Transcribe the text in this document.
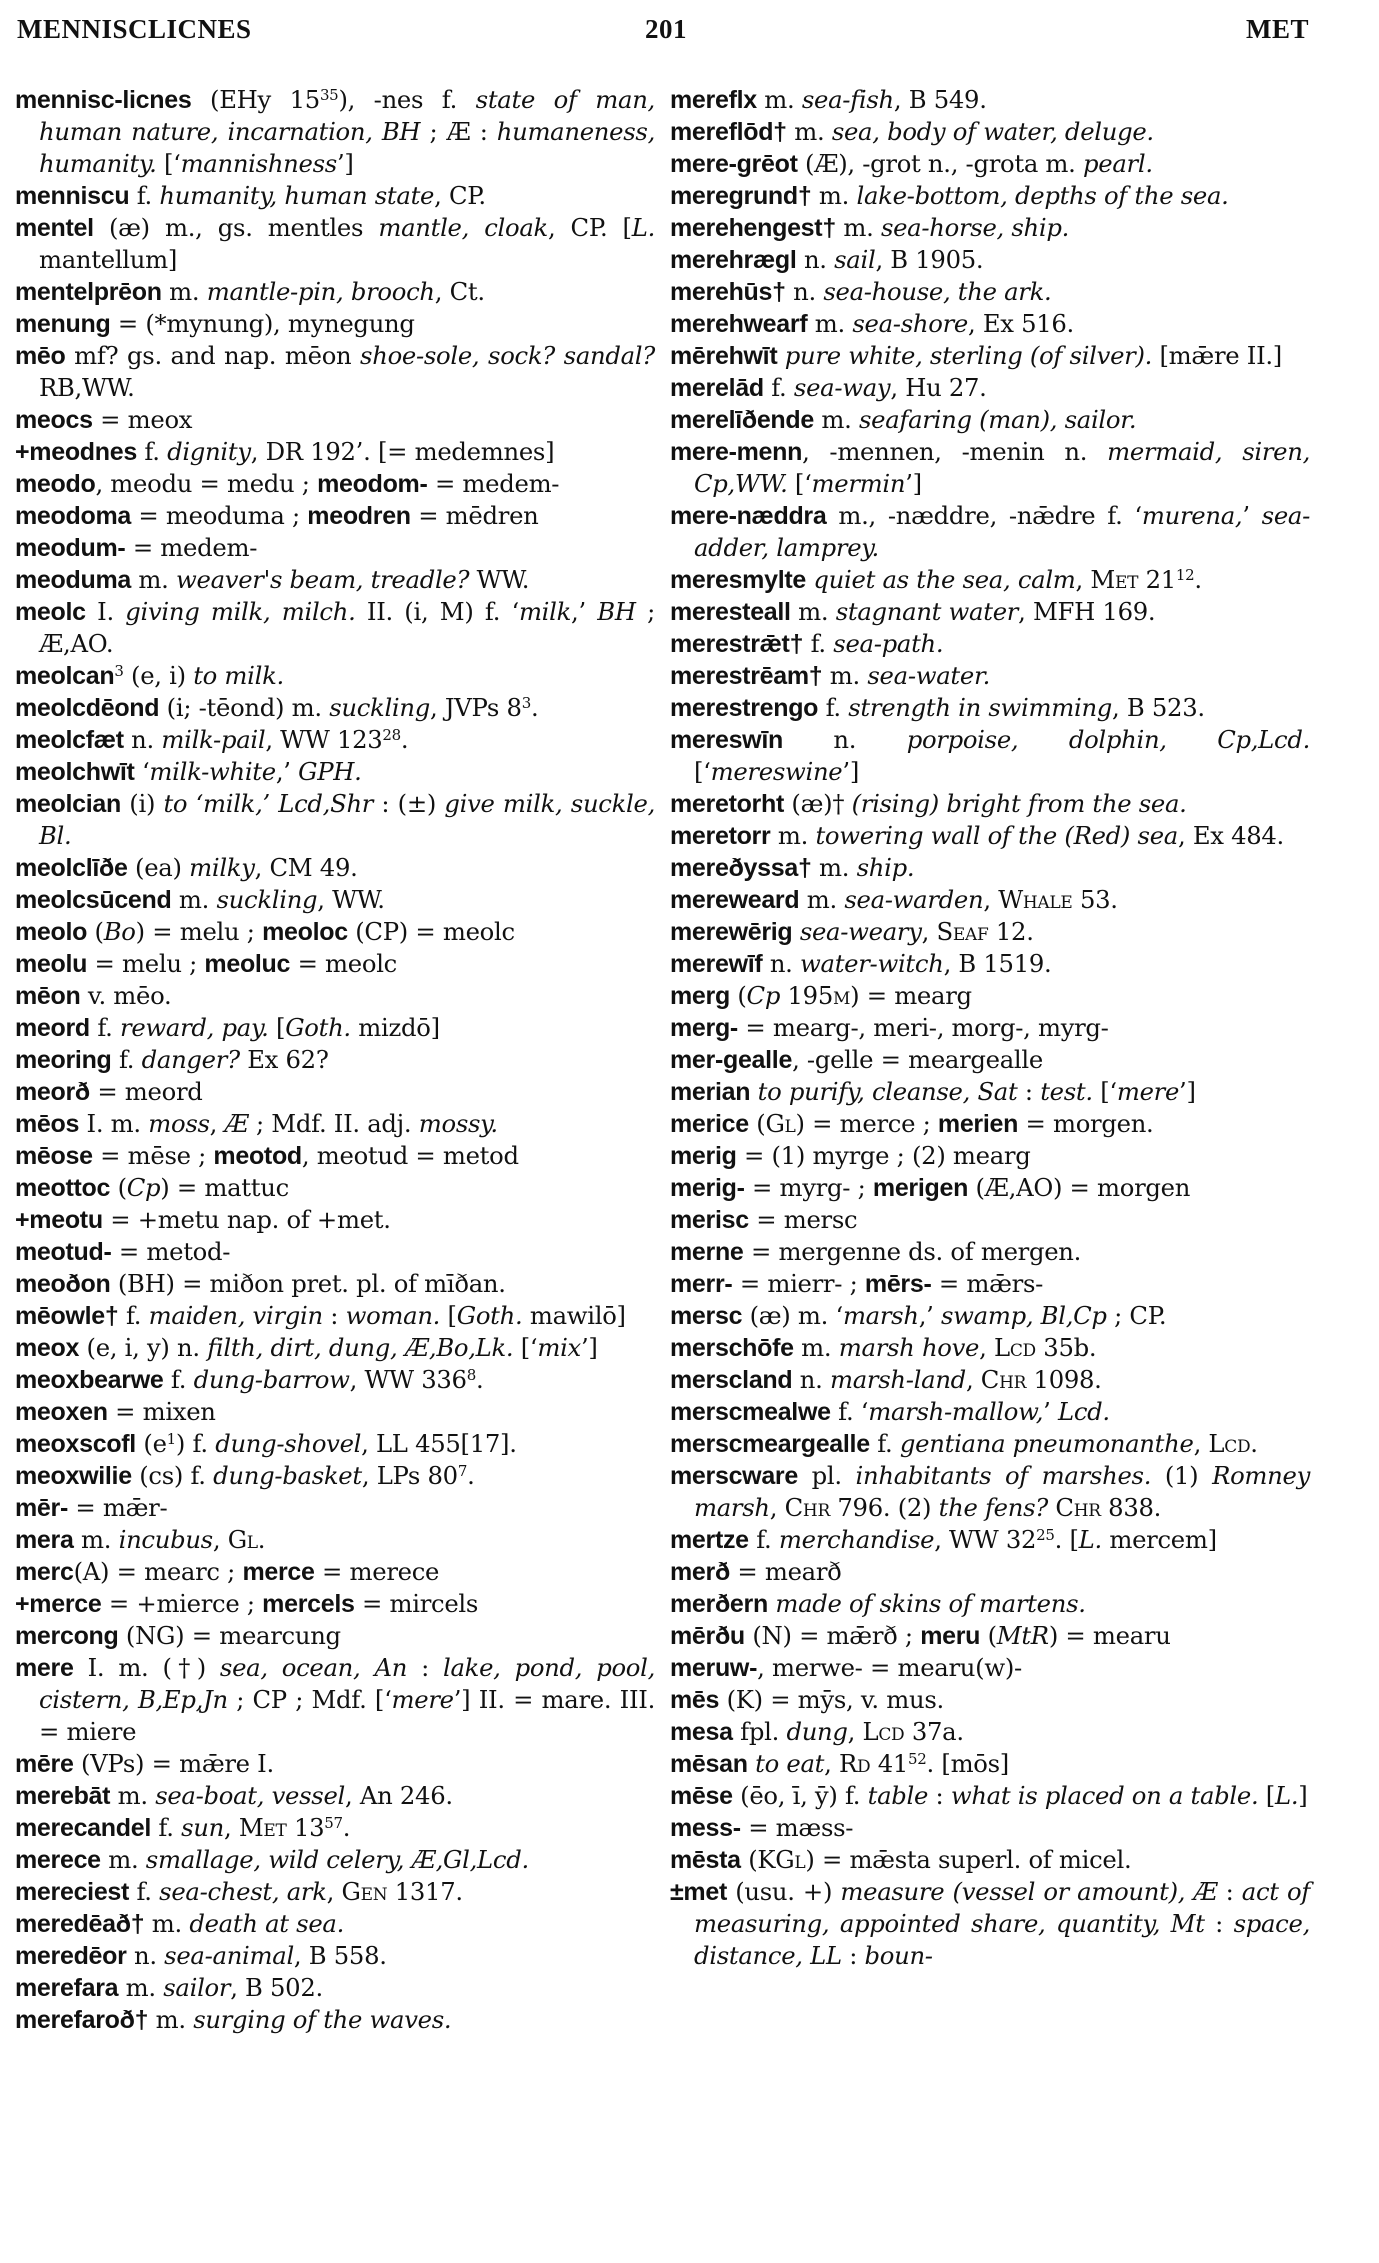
MENNISCLICNES	201	MET
mennisc-licnes (EHy $15^{35}$), -nes f. state of man, human nature, incarnation, BH ; Æ : humaneness, humanity. [‘mannishness’]
menniscu f. humanity, human state, CP.
mentel (æ) m., gs. mentles mantle, cloak, CP. [L. mantellum]
mentelprēon m. mantle-pin, brooch, Ct.
menung = (*mynung), mynegung
mēo mf? gs. and nap. mēon shoe-sole, sock? sandal? RB,WW.
meocs = meox
+meodnes f. dignity, DR 192’. [= medemnes]
meodo, meodu = medu ; meodom- = medem-
meodoma = meoduma ; meodren = mēdren
meodum- = medem-
meoduma m. weaver's beam, treadle? WW.
meolc I. giving milk, milch. II. (i, M) f. ‘milk,’ BH ; Æ,AO.
meolcan$^3$ (e, i) to milk.
meolcdēond (i; -tēond) m. suckling, JVPs $8^3$.
meolcfæt n. milk-pail, WW $123^{28}$.
meolchwīt ‘milk-white,’ GPH.
meolcian (i) to ‘milk,’ Lcd,Shr : (±) give milk, suckle, Bl.
meolclīðe (ea) milky, CM 49.
meolcsūcend m. suckling, WW.
meolo (Bo) = melu ; meoloc (CP) = meolc
meolu = melu ; meoluc = meolc
mēon v. mēo.
meord f. reward, pay. [Goth. mizdō]
meoring f. danger? Ex 62?
meorð = meord
mēos I. m. moss, Æ ; Mdf. II. adj. mossy.
mēose = mēse ; meotod, meotud = metod
meottoc (Cp) = mattuc
+meotu = +metu nap. of +met.
meotud- = metod-
meoðon (BH) = miðon pret. pl. of mīðan.
mēowle† f. maiden, virgin : woman. [Goth. mawilō]
meox (e, i, y) n. filth, dirt, dung, Æ,Bo,Lk. [‘mix’]
meoxbearwe f. dung-barrow, WW $336^8$.
meoxen = mixen
meoxscofl $(e^1)$ f. dung-shovel, LL 455[17].
meoxwilie (cs) f. dung-basket, LPs $80^7$.
mēr- = mǣr-
mera m. incubus, Gl.
merc(A) = mearc ; merce = merece
+merce = +mierce ; mercels = mircels
mercong (NG) = mearcung
mere I. m. (†) sea, ocean, An : lake, pond, pool, cistern, B,Ep,Jn ; CP ; Mdf. [‘mere’] II. = mare. III. = miere
mēre (VPs) = mǣre I.
merebāt m. sea-boat, vessel, An 246.
merecandel f. sun, Met $13^{57}$.
merece m. smallage, wild celery, Æ,Gl,Lcd.
mereciest f. sea-chest, ark, Gen 1317.
meredēað† m. death at sea.
meredēor n. sea-animal, B 558.
merefara m. sailor, B 502.
merefaroð† m. surging of the waves.
mereflx m. sea-fish, B 549.
mereflōd† m. sea, body of water, deluge.
mere-grēot (Æ), -grot n., -grota m. pearl.
meregrund† m. lake-bottom, depths of the sea.
merehengest† m. sea-horse, ship.
merehrægl n. sail, B 1905.
merehūs† n. sea-house, the ark.
merehwearf m. sea-shore, Ex 516.
mērehwīt pure white, sterling (of silver). [mǣre II.]
merelād f. sea-way, Hu 27.
merelīðende m. seafaring (man), sailor.
mere-menn, -mennen, -menin n. mermaid, siren, Cp,WW. [‘mermin’]
mere-næddra m., -næddre, -nǣdre f. ‘murena,’ sea-adder, lamprey.
meresmylte quiet as the sea, calm, Met $21^{12}$.
meresteall m. stagnant water, MFH 169.
merestrǣt† f. sea-path.
merestrēam† m. sea-water.
merestrengo f. strength in swimming, B 523.
mereswīn n. porpoise, dolphin, Cp,Lcd. [‘mereswine’]
meretorht (æ)† (rising) bright from the sea.
meretorr m. towering wall of the (Red) sea, Ex 484.
mereðyssa† m. ship.
mereweard m. sea-warden, Whale 53.
merewērig sea-weary, Seaf 12.
merewīf n. water-witch, B 1519.
merg (Cp 195m) = mearg
merg- = mearg-, meri-, morg-, myrg-
mer-gealle, -gelle = meargealle
merian to purify, cleanse, Sat : test. [‘mere’]
merice (Gl) = merce ; merien = morgen.
merig = (1) myrge ; (2) mearg
merig- = myrg- ; merigen (Æ,AO) = morgen
merisc = mersc
merne = mergenne ds. of mergen.
merr- = mierr- ; mērs- = mǣrs-
mersc (æ) m. ‘marsh,’ swamp, Bl,Cp ; CP.
merschōfe m. marsh hove, Lcd 35b.
merscland n. marsh-land, Chr 1098.
merscmealwe f. ‘marsh-mallow,’ Lcd.
merscmeargealle f. gentiana pneumonanthe, Lcd.
merscware pl. inhabitants of marshes. (1) Romney marsh, Chr 796. (2) the fens? Chr 838.
mertze f. merchandise, WW $32^{25}$. [L. mercem]
merð = mearð
merðern made of skins of martens.
mērðu (N) = mǣrð ; meru (MtR) = mearu
meruw-, merwe- = mearu(w)-
mēs (K) = mȳs, v. mus.
mesa fpl. dung, Lcd 37a.
mēsan to eat, Rd $41^{52}$. [mōs]
mēse (ēo, ī, ȳ) f. table : what is placed on a table. [L.]
mess- = mæss-
mēsta (KGl) = mǣsta superl. of micel.
±met (usu. +) measure (vessel or amount), Æ : act of measuring, appointed share, quantity, Mt : space, distance, LL : boun-
